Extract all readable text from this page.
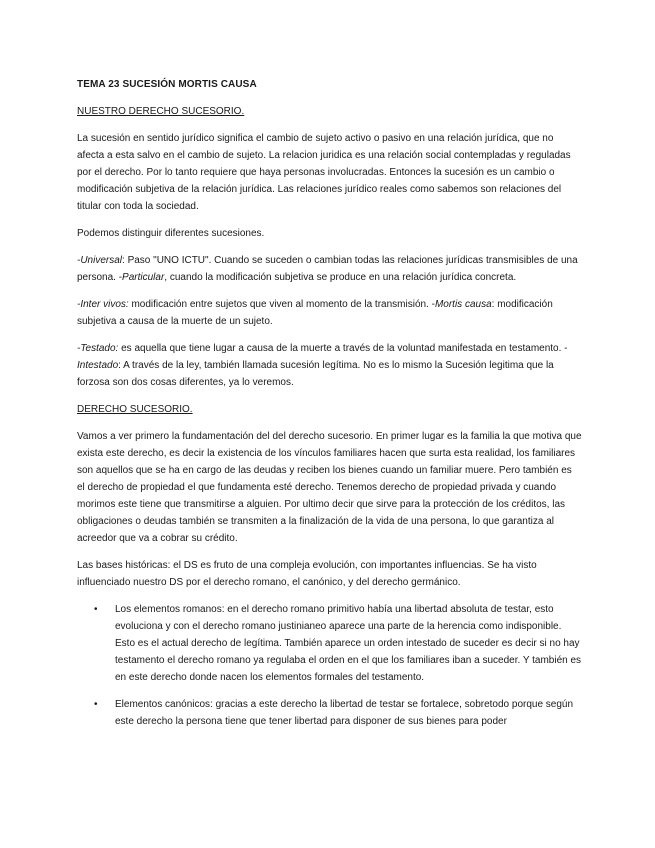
TEMA 23 SUCESIÓN MORTIS CAUSA
NUESTRO DERECHO SUCESORIO.

La sucesión en sentido jurídico significa el cambio de sujeto activo o pasivo en una relación jurídica, que no afecta a esta salvo en el cambio de sujeto. La relacion juridica es una relación social contempladas y reguladas por el derecho. Por lo tanto requiere que haya personas involucradas. Entonces la sucesión es un cambio o modificación subjetiva de la relación jurídica. Las relaciones jurídico reales como sabemos son relaciones del titular con toda la sociedad.

Podemos distinguir diferentes sucesiones.

-Universal: Paso "UNO ICTU". Cuando se suceden o cambian todas las relaciones jurídicas transmisibles de una persona. -Particular, cuando la modificación subjetiva se produce en una relación jurídica concreta.

-Inter vivos: modificación entre sujetos que viven al momento de la transmisión. -Mortis causa: modificación subjetiva a causa de la muerte de un sujeto.

-Testado: es aquella que tiene lugar a causa de la muerte a través de la voluntad manifestada en testamento. -Intestado: A través de la ley, también llamada sucesión legítima. No es lo mismo la Sucesión legitima que la forzosa son dos cosas diferentes, ya lo veremos.

DERECHO SUCESORIO.

Vamos a ver primero la fundamentación del del derecho sucesorio. En primer lugar es la familia la que motiva que exista este derecho, es decir la existencia de los vínculos familiares hacen que surta esta realidad, los familiares son aquellos que se ha en cargo de las deudas y reciben los bienes cuando un familiar muere. Pero también es el derecho de propiedad el que fundamenta esté derecho. Tenemos derecho de propiedad privada y cuando morimos este tiene que transmitirse a alguien. Por ultimo decir que sirve para la protección de los créditos, las obligaciones o deudas también se transmiten a la finalización de la vida de una persona, lo que garantiza al acreedor que va a cobrar su crédito.

Las bases históricas: el DS es fruto de una compleja evolución, con importantes influencias. Se ha visto influenciado nuestro DS por el derecho romano, el canónico, y del derecho germánico.

• Los elementos romanos: en el derecho romano primitivo había una libertad absoluta de testar, esto evoluciona y con el derecho romano justinianeo aparece una parte de la herencia como indisponible. Esto es el actual derecho de legítima. También aparece un orden intestado de suceder es decir si no hay testamento el derecho romano ya regulaba el orden en el que los familiares iban a suceder. Y también es en este derecho donde nacen los elementos formales del testamento.
• Elementos canónicos: gracias a este derecho la libertad de testar se fortalece, sobretodo porque según este derecho la persona tiene que tener libertad para disponer de sus bienes para poder
